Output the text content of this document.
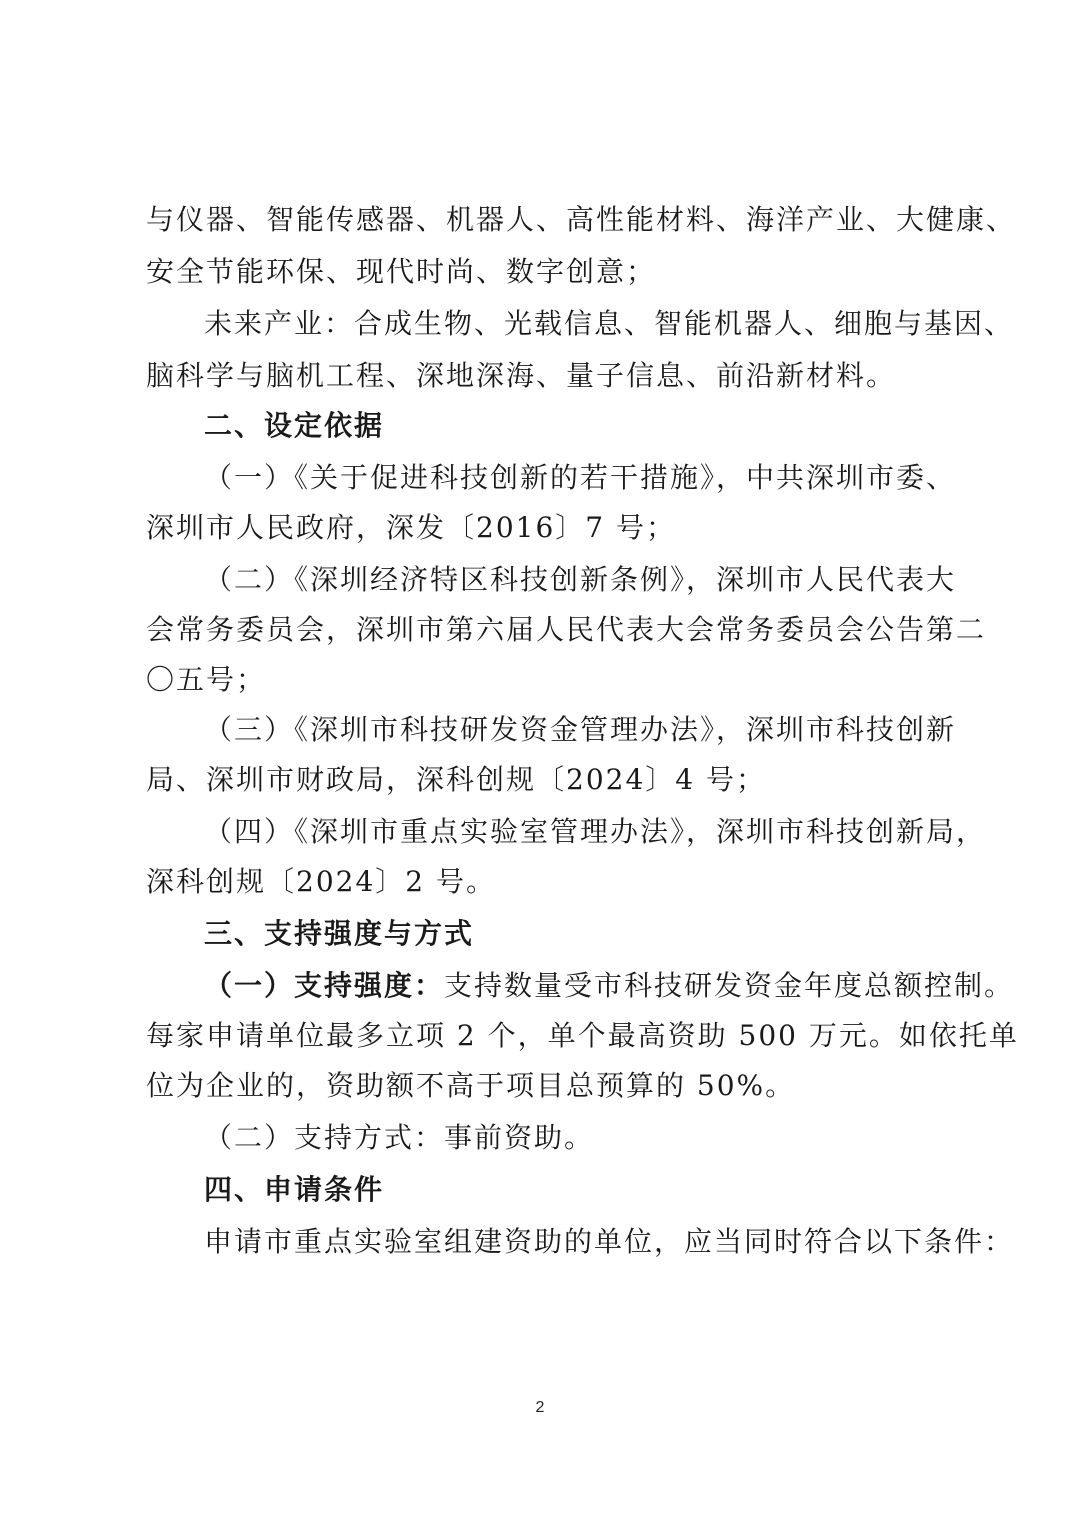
与仪器、智能传感器、机器人、高性能材料、海洋产业、大健康、
安全节能环保、现代时尚、数字创意；
未来产业：合成生物、光载信息、智能机器人、细胞与基因、
脑科学与脑机工程、深地深海、量子信息、前沿新材料。
二、设定依据
（一）《关于促进科技创新的若干措施》，中共深圳市委、
深圳市人民政府，深发〔2016〕7 号；
（二）《深圳经济特区科技创新条例》，深圳市人民代表大
会常务委员会，深圳市第六届人民代表大会常务委员会公告第二
〇五号；
（三）《深圳市科技研发资金管理办法》，深圳市科技创新
局、深圳市财政局，深科创规〔2024〕4 号；
（四）《深圳市重点实验室管理办法》，深圳市科技创新局，
深科创规〔2024〕2 号。
三、支持强度与方式
（一）支持强度：支持数量受市科技研发资金年度总额控制。
每家申请单位最多立项 2 个，单个最高资助 500 万元。如依托单
位为企业的，资助额不高于项目总预算的 50%。
（二）支持方式：事前资助。
四、申请条件
申请市重点实验室组建资助的单位，应当同时符合以下条件：
2
